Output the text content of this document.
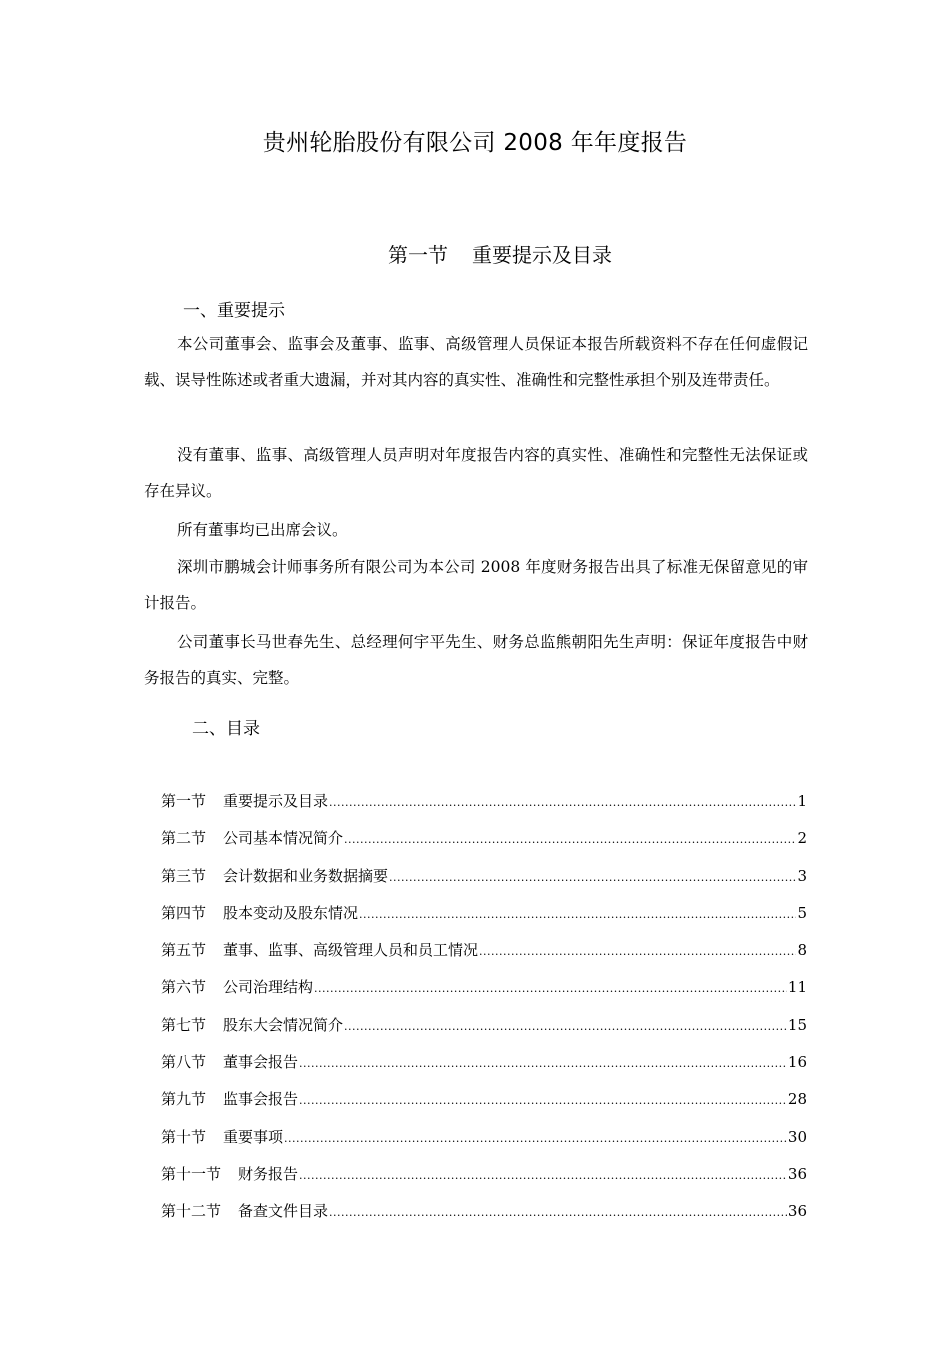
贵州轮胎股份有限公司 2008 年年度报告
第一节 重要提示及目录
一、重要提示
本公司董事会、监事会及董事、监事、高级管理人员保证本报告所载资料不存在任何虚假记载、误导性陈述或者重大遗漏，并对其内容的真实性、准确性和完整性承担个别及连带责任。
没有董事、监事、高级管理人员声明对年度报告内容的真实性、准确性和完整性无法保证或存在异议。
所有董事均已出席会议。
深圳市鹏城会计师事务所有限公司为本公司 2008 年度财务报告出具了标准无保留意见的审计报告。
公司董事长马世春先生、总经理何宇平先生、财务总监熊朝阳先生声明：保证年度报告中财务报告的真实、完整。
二、目录
第一节 重要提示及目录 .....	1
第二节 公司基本情况简介 .....	2
第三节 会计数据和业务数据摘要 .....	3
第四节 股本变动及股东情况 .....	5
第五节 董事、监事、高级管理人员和员工情况 .....	8
第六节 公司治理结构 .....	11
第七节 股东大会情况简介 .....	15
第八节 董事会报告 .....	16
第九节 监事会报告 .....	28
第十节 重要事项 .....	30
第十一节 财务报告 .....	36
第十二节 备查文件目录 .....	36
